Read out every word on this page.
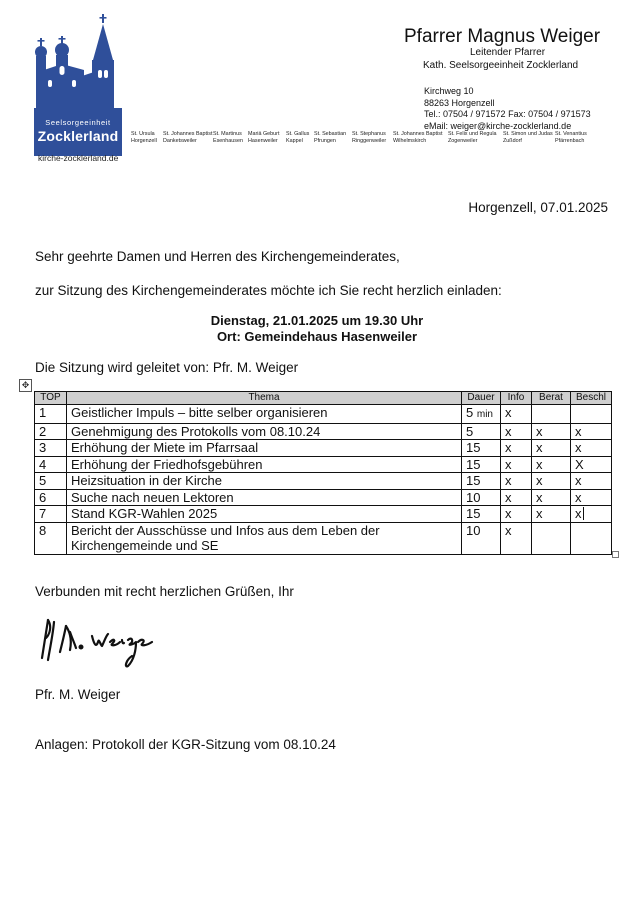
Seelsorgeeinheit
Zocklerland
kirche-zocklerland.de
Pfarrer Magnus Weiger
Leitender Pfarrer
Kath. Seelsorgeeinheit Zocklerland
Kirchweg 10
88263 Horgenzell
Tel.: 07504 / 971572 Fax: 07504 / 971573
eMail: weiger@kirche-zocklerland.de
St. Ursula
Horgenzell
St. Johannes Baptist
Danketsweiler
St. Martinus
Esenhausen
Mariä Geburt
Hasenweiler
St. Gallus
Kappel
St. Sebastian
Pfrungen
St. Stephanus
Ringgenweiler
St. Johannes Baptist
Wilhelmskirch
St. Felix und Regula
Zogenweiler
St. Simon und Judas
Zußdorf
St. Venantius
Pfärrenbach
Horgenzell, 07.01.2025
Sehr geehrte Damen und Herren des Kirchengemeinderates,
zur Sitzung des Kirchengemeinderates möchte ich Sie recht herzlich einladen:
Dienstag, 21.01.2025 um 19.30 Uhr
Ort: Gemeindehaus Hasenweiler
Die Sitzung wird geleitet von: Pfr. M. Weiger
✥
TOP	Thema	Dauer	Info	Berat	Beschl
1	Geistlicher Impuls – bitte selber organisieren	5 min	x		
2	Genehmigung des Protokolls vom 08.10.24	5	x	x	x
3	Erhöhung der Miete im Pfarrsaal	15	x	x	x
4	Erhöhung der Friedhofsgebühren	15	x	x	X
5	Heizsituation in der Kirche	15	x	x	x
6	Suche nach neuen Lektoren	10	x	x	x
7	Stand KGR-Wahlen 2025	15	x	x	x
8	Bericht der Ausschüsse und Infos aus dem Leben der
Kirchengemeinde und SE	10	x		
Verbunden mit recht herzlichen Grüßen, Ihr
Pfr. M. Weiger
Anlagen: Protokoll der KGR-Sitzung vom 08.10.24
